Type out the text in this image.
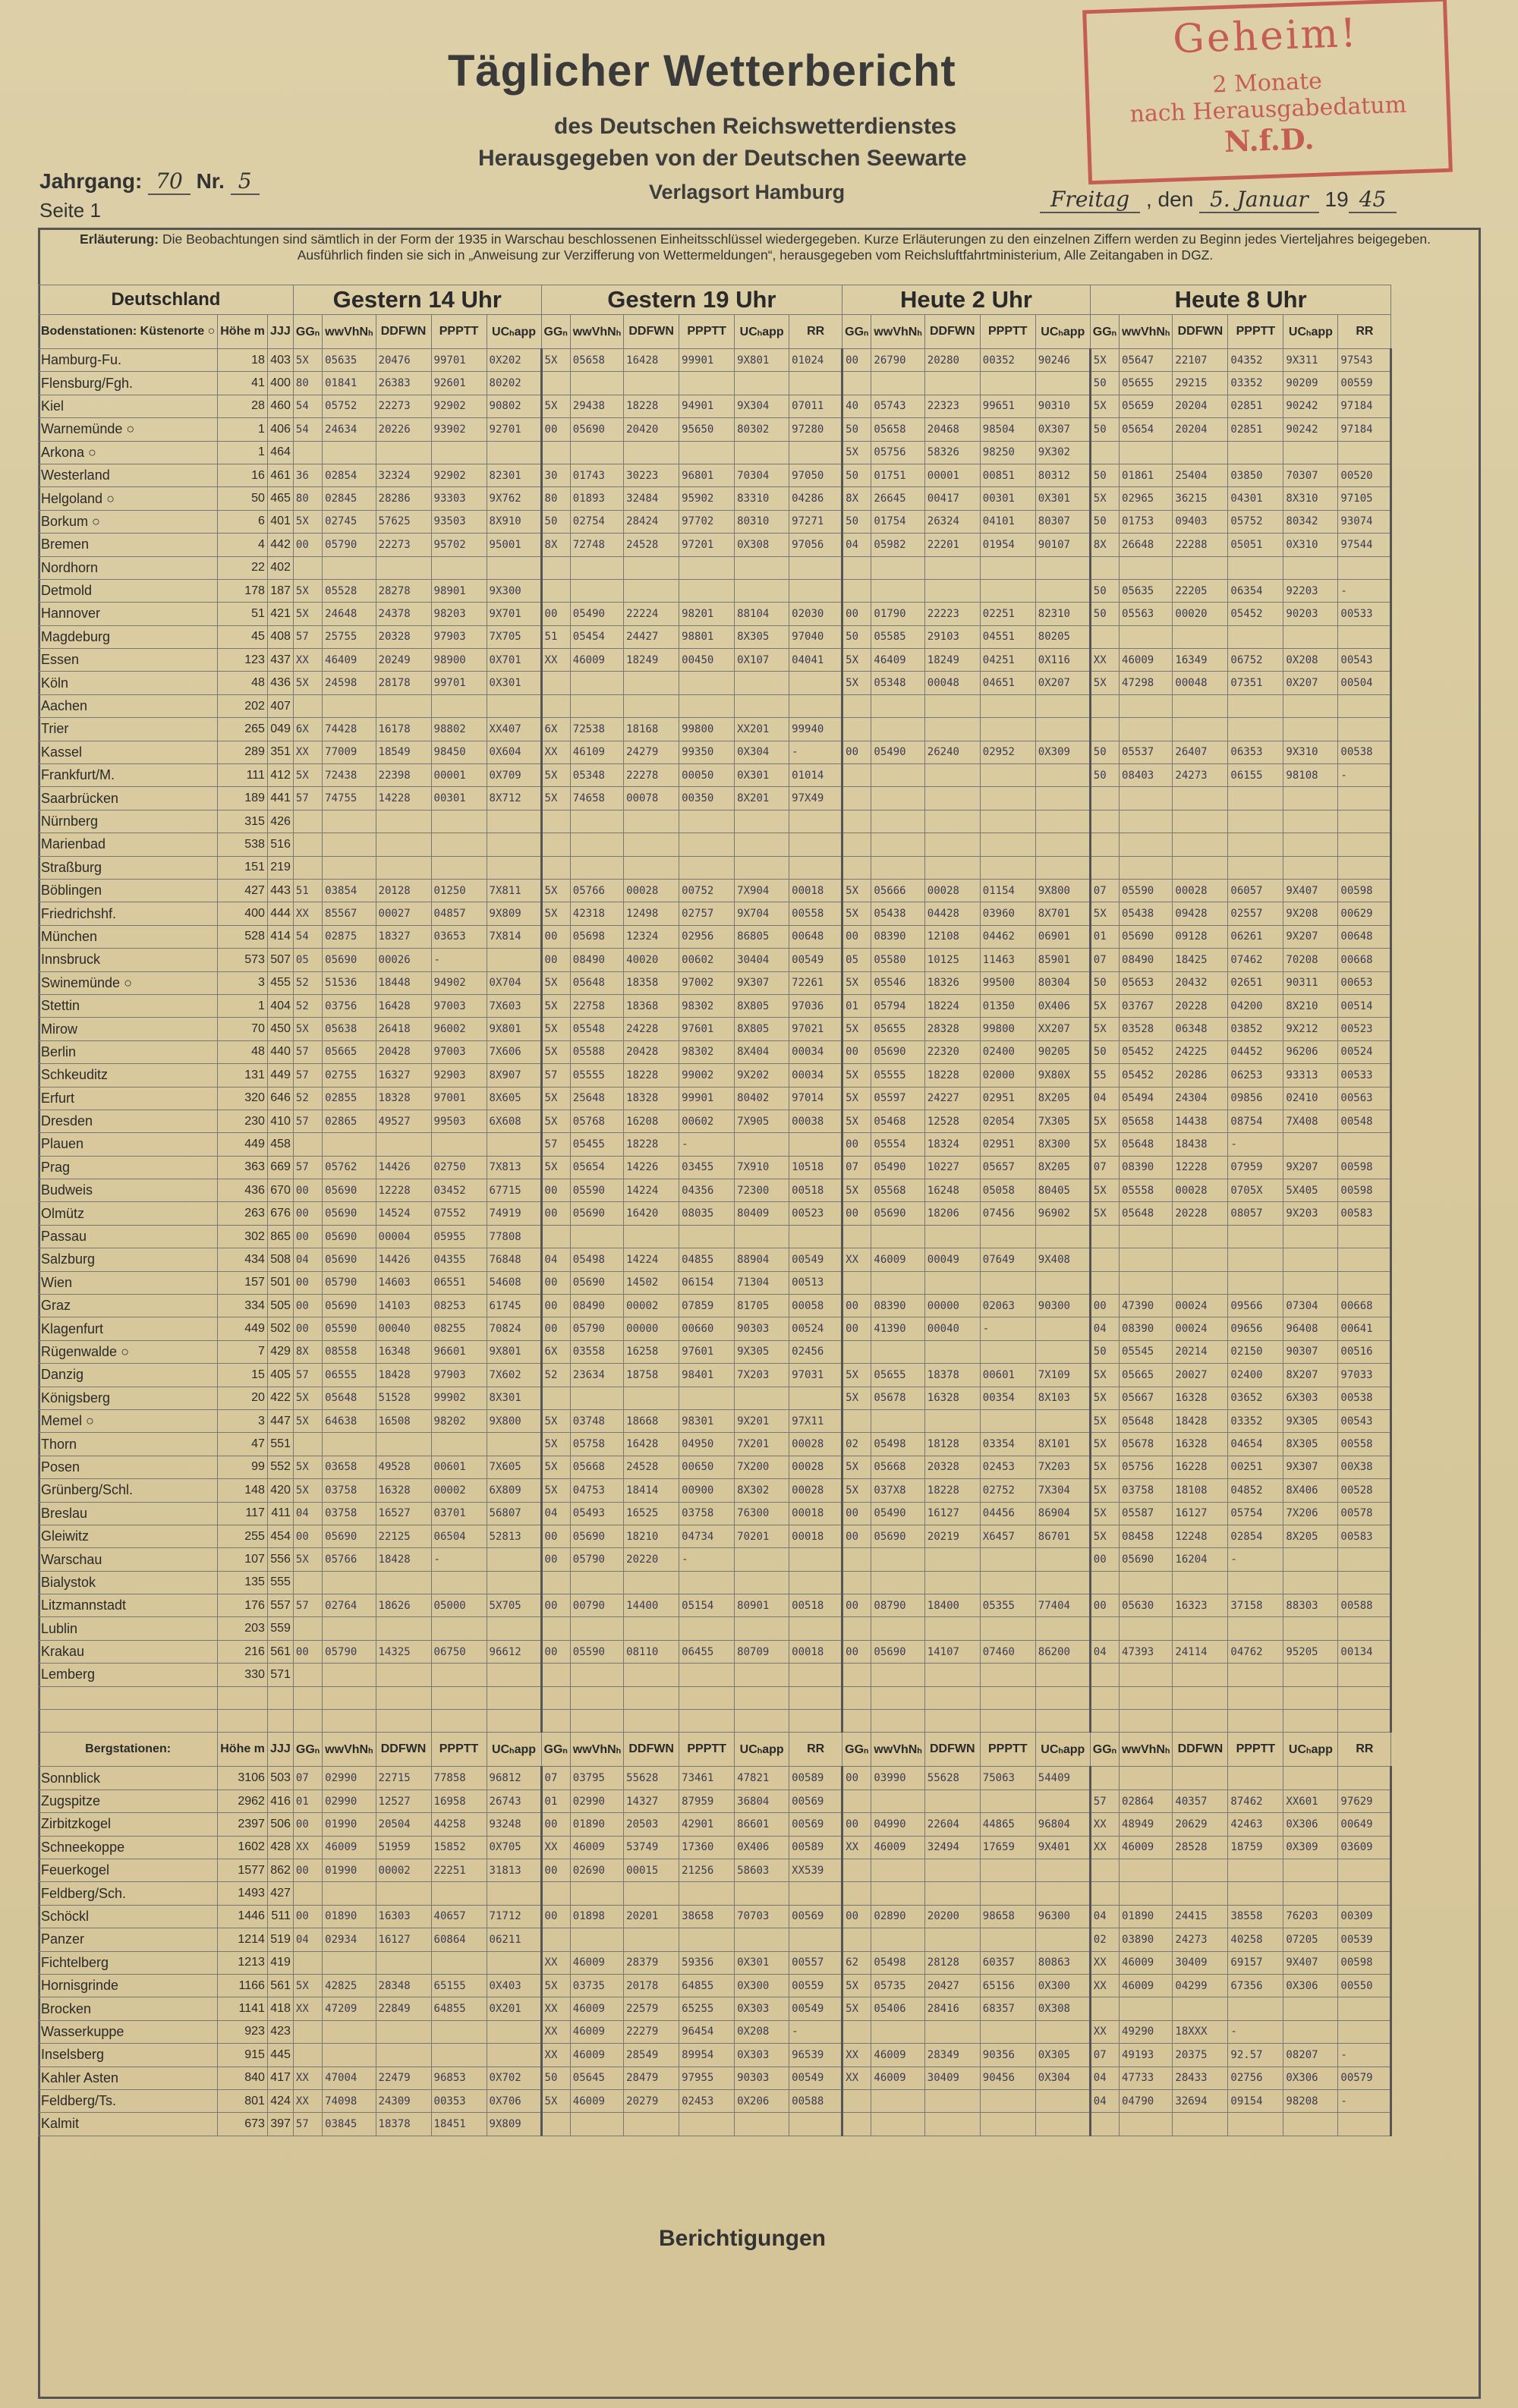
Täglicher Wetterbericht
des Deutschen Reichswetterdienstes
Herausgegeben von der Deutschen Seewarte
Verlagsort Hamburg
Jahrgang: 70 Nr. 5
Seite 1	Freitag , den 5. Januar 19 45
Geheim!
2 Monate
nach Herausgabedatum
N.f.D.
Erläuterung: Die Beobachtungen sind sämtlich in der Form der 1935 in Warschau beschlossenen Einheitsschlüssel wiedergegeben. Kurze Erläuterungen zu den einzelnen Ziffern werden zu Beginn jedes Vierteljahres beigegeben. Ausführlich finden sie sich in „Anweisung zur Verzifferung von Wettermeldungen“, herausgegeben vom Reichsluftfahrtministerium, Alle Zeitangaben in DGZ.
Deutschland			Gestern 14 Uhr					Gestern 19 Uhr						Heute 2 Uhr					Heute 8 Uhr					
Bodenstationen: Küstenorte ○	Höhe m	JJJ	GGₙ	wwVhNₕ	DDFWN	PPPTT	UCₕapp	GGₙ	wwVhNₕ	DDFWN	PPPTT	UCₕapp	RR	GGₙ	wwVhNₕ	DDFWN	PPPTT	UCₕapp	GGₙ	wwVhNₕ	DDFWN	PPPTT	UCₕapp	RR
Hamburg-Fu.	18	403	5X	05635	20476	99701	0X202	5X	05658	16428	99901	9X801	01024	00	26790	20280	00352	90246	5X	05647	22107	04352	9X311	97543
Flensburg/Fgh.	41	400	80	01841	26383	92601	80202												50	05655	29215	03352	90209	00559
Kiel	28	460	54	05752	22273	92902	90802	5X	29438	18228	94901	9X304	07011	40	05743	22323	99651	90310	5X	05659	20204	02851	90242	97184
Warnemünde ○	1	406	54	24634	20226	93902	92701	00	05690	20420	95650	80302	97280	50	05658	20468	98504	0X307	50	05654	20204	02851	90242	97184
Arkona ○	1	464												5X	05756	58326	98250	9X302						
Westerland	16	461	36	02854	32324	92902	82301	30	01743	30223	96801	70304	97050	50	01751	00001	00851	80312	50	01861	25404	03850	70307	00520
Helgoland ○	50	465	80	02845	28286	93303	9X762	80	01893	32484	95902	83310	04286	8X	26645	00417	00301	0X301	5X	02965	36215	04301	8X310	97105
Borkum ○	6	401	5X	02745	57625	93503	8X910	50	02754	28424	97702	80310	97271	50	01754	26324	04101	80307	50	01753	09403	05752	80342	93074
Bremen	4	442	00	05790	22273	95702	95001	8X	72748	24528	97201	0X308	97056	04	05982	22201	01954	90107	8X	26648	22288	05051	0X310	97544
Nordhorn	22	402																						
Detmold	178	187	5X	05528	28278	98901	9X300												50	05635	22205	06354	92203	-
Hannover	51	421	5X	24648	24378	98203	9X701	00	05490	22224	98201	88104	02030	00	01790	22223	02251	82310	50	05563	00020	05452	90203	00533
Magdeburg	45	408	57	25755	20328	97903	7X705	51	05454	24427	98801	8X305	97040	50	05585	29103	04551	80205						
Essen	123	437	XX	46409	20249	98900	0X701	XX	46009	18249	00450	0X107	04041	5X	46409	18249	04251	0X116	XX	46009	16349	06752	0X208	00543
Köln	48	436	5X	24598	28178	99701	0X301							5X	05348	00048	04651	0X207	5X	47298	00048	07351	0X207	00504
Aachen	202	407																						
Trier	265	049	6X	74428	16178	98802	XX407	6X	72538	18168	99800	XX201	99940											
Kassel	289	351	XX	77009	18549	98450	0X604	XX	46109	24279	99350	0X304	-	00	05490	26240	02952	0X309	50	05537	26407	06353	9X310	00538
Frankfurt/M.	111	412	5X	72438	22398	00001	0X709	5X	05348	22278	00050	0X301	01014						50	08403	24273	06155	98108	-
Saarbrücken	189	441	57	74755	14228	00301	8X712	5X	74658	00078	00350	8X201	97X49											
Nürnberg	315	426																						
Marienbad	538	516																						
Straßburg	151	219																						
Böblingen	427	443	51	03854	20128	01250	7X811	5X	05766	00028	00752	7X904	00018	5X	05666	00028	01154	9X800	07	05590	00028	06057	9X407	00598
Friedrichshf.	400	444	XX	85567	00027	04857	9X809	5X	42318	12498	02757	9X704	00558	5X	05438	04428	03960	8X701	5X	05438	09428	02557	9X208	00629
München	528	414	54	02875	18327	03653	7X814	00	05698	12324	02956	86805	00648	00	08390	12108	04462	06901	01	05690	09128	06261	9X207	00648
Innsbruck	573	507	05	05690	00026	-		00	08490	40020	00602	30404	00549	05	05580	10125	11463	85901	07	08490	18425	07462	70208	00668
Swinemünde ○	3	455	52	51536	18448	94902	0X704	5X	05648	18358	97002	9X307	72261	5X	05546	18326	99500	80304	50	05653	20432	02651	90311	00653
Stettin	1	404	52	03756	16428	97003	7X603	5X	22758	18368	98302	8X805	97036	01	05794	18224	01350	0X406	5X	03767	20228	04200	8X210	00514
Mirow	70	450	5X	05638	26418	96002	9X801	5X	05548	24228	97601	8X805	97021	5X	05655	28328	99800	XX207	5X	03528	06348	03852	9X212	00523
Berlin	48	440	57	05665	20428	97003	7X606	5X	05588	20428	98302	8X404	00034	00	05690	22320	02400	90205	50	05452	24225	04452	96206	00524
Schkeuditz	131	449	57	02755	16327	92903	8X907	57	05555	18228	99002	9X202	00034	5X	05555	18228	02000	9X80X	55	05452	20286	06253	93313	00533
Erfurt	320	646	52	02855	18328	97001	8X605	5X	25648	18328	99901	80402	97014	5X	05597	24227	02951	8X205	04	05494	24304	09856	02410	00563
Dresden	230	410	57	02865	49527	99503	6X608	5X	05768	16208	00602	7X905	00038	5X	05468	12528	02054	7X305	5X	05658	14438	08754	7X408	00548
Plauen	449	458						57	05455	18228	-			00	05554	18324	02951	8X300	5X	05648	18438	-		
Prag	363	669	57	05762	14426	02750	7X813	5X	05654	14226	03455	7X910	10518	07	05490	10227	05657	8X205	07	08390	12228	07959	9X207	00598
Budweis	436	670	00	05690	12228	03452	67715	00	05590	14224	04356	72300	00518	5X	05568	16248	05058	80405	5X	05558	00028	0705X	5X405	00598
Olmütz	263	676	00	05690	14524	07552	74919	00	05690	16420	08035	80409	00523	00	05690	18206	07456	96902	5X	05648	20228	08057	9X203	00583
Passau	302	865	00	05690	00004	05955	77808																	
Salzburg	434	508	04	05690	14426	04355	76848	04	05498	14224	04855	88904	00549	XX	46009	00049	07649	9X408						
Wien	157	501	00	05790	14603	06551	54608	00	05690	14502	06154	71304	00513											
Graz	334	505	00	05690	14103	08253	61745	00	08490	00002	07859	81705	00058	00	08390	00000	02063	90300	00	47390	00024	09566	07304	00668
Klagenfurt	449	502	00	05590	00040	08255	70824	00	05790	00000	00660	90303	00524	00	41390	00040	-		04	08390	00024	09656	96408	00641
Rügenwalde ○	7	429	8X	08558	16348	96601	9X801	6X	03558	16258	97601	9X305	02456						50	05545	20214	02150	90307	00516
Danzig	15	405	57	06555	18428	97903	7X602	52	23634	18758	98401	7X203	97031	5X	05655	18378	00601	7X109	5X	05665	20027	02400	8X207	97033
Königsberg	20	422	5X	05648	51528	99902	8X301							5X	05678	16328	00354	8X103	5X	05667	16328	03652	6X303	00538
Memel ○	3	447	5X	64638	16508	98202	9X800	5X	03748	18668	98301	9X201	97X11						5X	05648	18428	03352	9X305	00543
Thorn	47	551						5X	05758	16428	04950	7X201	00028	02	05498	18128	03354	8X101	5X	05678	16328	04654	8X305	00558
Posen	99	552	5X	03658	49528	00601	7X605	5X	05668	24528	00650	7X200	00028	5X	05668	20328	02453	7X203	5X	05756	16228	00251	9X307	00X38
Grünberg/Schl.	148	420	5X	03758	16328	00002	6X809	5X	04753	18414	00900	8X302	00028	5X	037X8	18228	02752	7X304	5X	03758	18108	04852	8X406	00528
Breslau	117	411	04	03758	16527	03701	56807	04	05493	16525	03758	76300	00018	00	05490	16127	04456	86904	5X	05587	16127	05754	7X206	00578
Gleiwitz	255	454	00	05690	22125	06504	52813	00	05690	18210	04734	70201	00018	00	05690	20219	X6457	86701	5X	08458	12248	02854	8X205	00583
Warschau	107	556	5X	05766	18428	-		00	05790	20220	-								00	05690	16204	-		
Bialystok	135	555																						
Litzmannstadt	176	557	57	02764	18626	05000	5X705	00	00790	14400	05154	80901	00518	00	08790	18400	05355	77404	00	05630	16323	37158	88303	00588
Lublin	203	559																						
Krakau	216	561	00	05790	14325	06750	96612	00	05590	08110	06455	80709	00018	00	05690	14107	07460	86200	04	47393	24114	04762	95205	00134
Lemberg	330	571																						

Bergstationen:	Höhe m	JJJ	GGₙ	wwVhNₕ	DDFWN	PPPTT	UCₕapp	GGₙ	wwVhNₕ	DDFWN	PPPTT	UCₕapp	RR	GGₙ	wwVhNₕ	DDFWN	PPPTT	UCₕapp	GGₙ	wwVhNₕ	DDFWN	PPPTT	UCₕapp	RR
Sonnblick	3106	503	07	02990	22715	77858	96812	07	03795	55628	73461	47821	00589	00	03990	55628	75063	54409						
Zugspitze	2962	416	01	02990	12527	16958	26743	01	02990	14327	87959	36804	00569						57	02864	40357	87462	XX601	97629
Zirbitzkogel	2397	506	00	01990	20504	44258	93248	00	01890	20503	42901	86601	00569	00	04990	22604	44865	96804	XX	48949	20629	42463	0X306	00649
Schneekoppe	1602	428	XX	46009	51959	15852	0X705	XX	46009	53749	17360	0X406	00589	XX	46009	32494	17659	9X401	XX	46009	28528	18759	0X309	03609
Feuerkogel	1577	862	00	01990	00002	22251	31813	00	02690	00015	21256	58603	XX539											
Feldberg/Sch.	1493	427																						
Schöckl	1446	511	00	01890	16303	40657	71712	00	01898	20201	38658	70703	00569	00	02890	20200	98658	96300	04	01890	24415	38558	76203	00309
Panzer	1214	519	04	02934	16127	60864	06211												02	03890	24273	40258	07205	00539
Fichtelberg	1213	419						XX	46009	28379	59356	0X301	00557	62	05498	28128	60357	80863	XX	46009	30409	69157	9X407	00598
Hornisgrinde	1166	561	5X	42825	28348	65155	0X403	5X	03735	20178	64855	0X300	00559	5X	05735	20427	65156	0X300	XX	46009	04299	67356	0X306	00550
Brocken	1141	418	XX	47209	22849	64855	0X201	XX	46009	22579	65255	0X303	00549	5X	05406	28416	68357	0X308						
Wasserkuppe	923	423						XX	46009	22279	96454	0X208	-						XX	49290	18XXX	-		
Inselsberg	915	445						XX	46009	28549	89954	0X303	96539	XX	46009	28349	90356	0X305	07	49193	20375	92.57	08207	-
Kahler Asten	840	417	XX	47004	22479	96853	0X702	50	05645	28479	97955	90303	00549	XX	46009	30409	90456	0X304	04	47733	28433	02756	0X306	00579
Feldberg/Ts.	801	424	XX	74098	24309	00353	0X706	5X	46009	20279	02453	0X206	00588						04	04790	32694	09154	98208	-
Kalmit	673	397	57	03845	18378	18451	9X809																	
Berichtigungen
